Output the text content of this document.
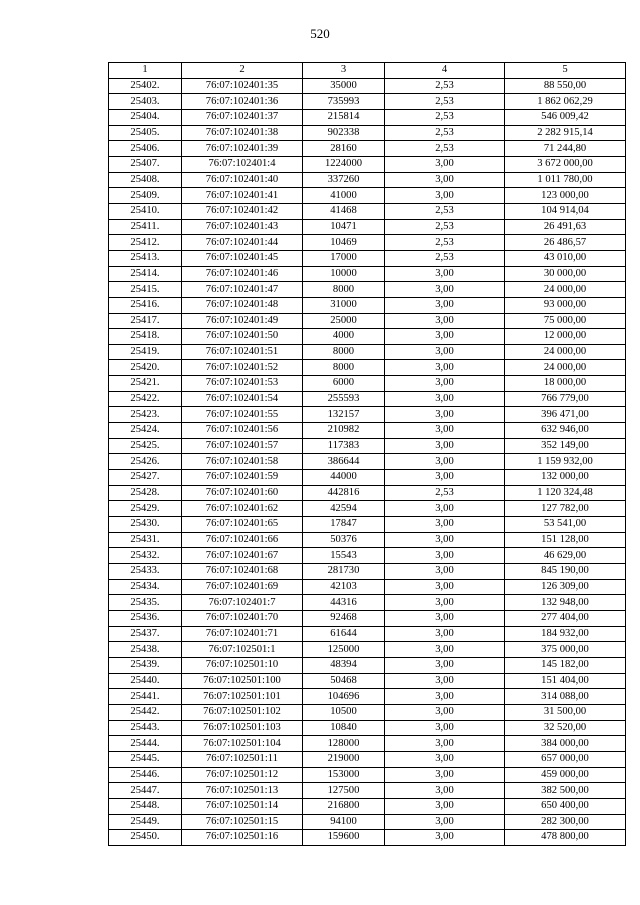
520
1	2	3	4	5
25402.	76:07:102401:35	35000	2,53	88 550,00
25403.	76:07:102401:36	735993	2,53	1 862 062,29
25404.	76:07:102401:37	215814	2,53	546 009,42
25405.	76:07:102401:38	902338	2,53	2 282 915,14
25406.	76:07:102401:39	28160	2,53	71 244,80
25407.	76:07:102401:4	1224000	3,00	3 672 000,00
25408.	76:07:102401:40	337260	3,00	1 011 780,00
25409.	76:07:102401:41	41000	3,00	123 000,00
25410.	76:07:102401:42	41468	2,53	104 914,04
25411.	76:07:102401:43	10471	2,53	26 491,63
25412.	76:07:102401:44	10469	2,53	26 486,57
25413.	76:07:102401:45	17000	2,53	43 010,00
25414.	76:07:102401:46	10000	3,00	30 000,00
25415.	76:07:102401:47	8000	3,00	24 000,00
25416.	76:07:102401:48	31000	3,00	93 000,00
25417.	76:07:102401:49	25000	3,00	75 000,00
25418.	76:07:102401:50	4000	3,00	12 000,00
25419.	76:07:102401:51	8000	3,00	24 000,00
25420.	76:07:102401:52	8000	3,00	24 000,00
25421.	76:07:102401:53	6000	3,00	18 000,00
25422.	76:07:102401:54	255593	3,00	766 779,00
25423.	76:07:102401:55	132157	3,00	396 471,00
25424.	76:07:102401:56	210982	3,00	632 946,00
25425.	76:07:102401:57	117383	3,00	352 149,00
25426.	76:07:102401:58	386644	3,00	1 159 932,00
25427.	76:07:102401:59	44000	3,00	132 000,00
25428.	76:07:102401:60	442816	2,53	1 120 324,48
25429.	76:07:102401:62	42594	3,00	127 782,00
25430.	76:07:102401:65	17847	3,00	53 541,00
25431.	76:07:102401:66	50376	3,00	151 128,00
25432.	76:07:102401:67	15543	3,00	46 629,00
25433.	76:07:102401:68	281730	3,00	845 190,00
25434.	76:07:102401:69	42103	3,00	126 309,00
25435.	76:07:102401:7	44316	3,00	132 948,00
25436.	76:07:102401:70	92468	3,00	277 404,00
25437.	76:07:102401:71	61644	3,00	184 932,00
25438.	76:07:102501:1	125000	3,00	375 000,00
25439.	76:07:102501:10	48394	3,00	145 182,00
25440.	76:07:102501:100	50468	3,00	151 404,00
25441.	76:07:102501:101	104696	3,00	314 088,00
25442.	76:07:102501:102	10500	3,00	31 500,00
25443.	76:07:102501:103	10840	3,00	32 520,00
25444.	76:07:102501:104	128000	3,00	384 000,00
25445.	76:07:102501:11	219000	3,00	657 000,00
25446.	76:07:102501:12	153000	3,00	459 000,00
25447.	76:07:102501:13	127500	3,00	382 500,00
25448.	76:07:102501:14	216800	3,00	650 400,00
25449.	76:07:102501:15	94100	3,00	282 300,00
25450.	76:07:102501:16	159600	3,00	478 800,00
